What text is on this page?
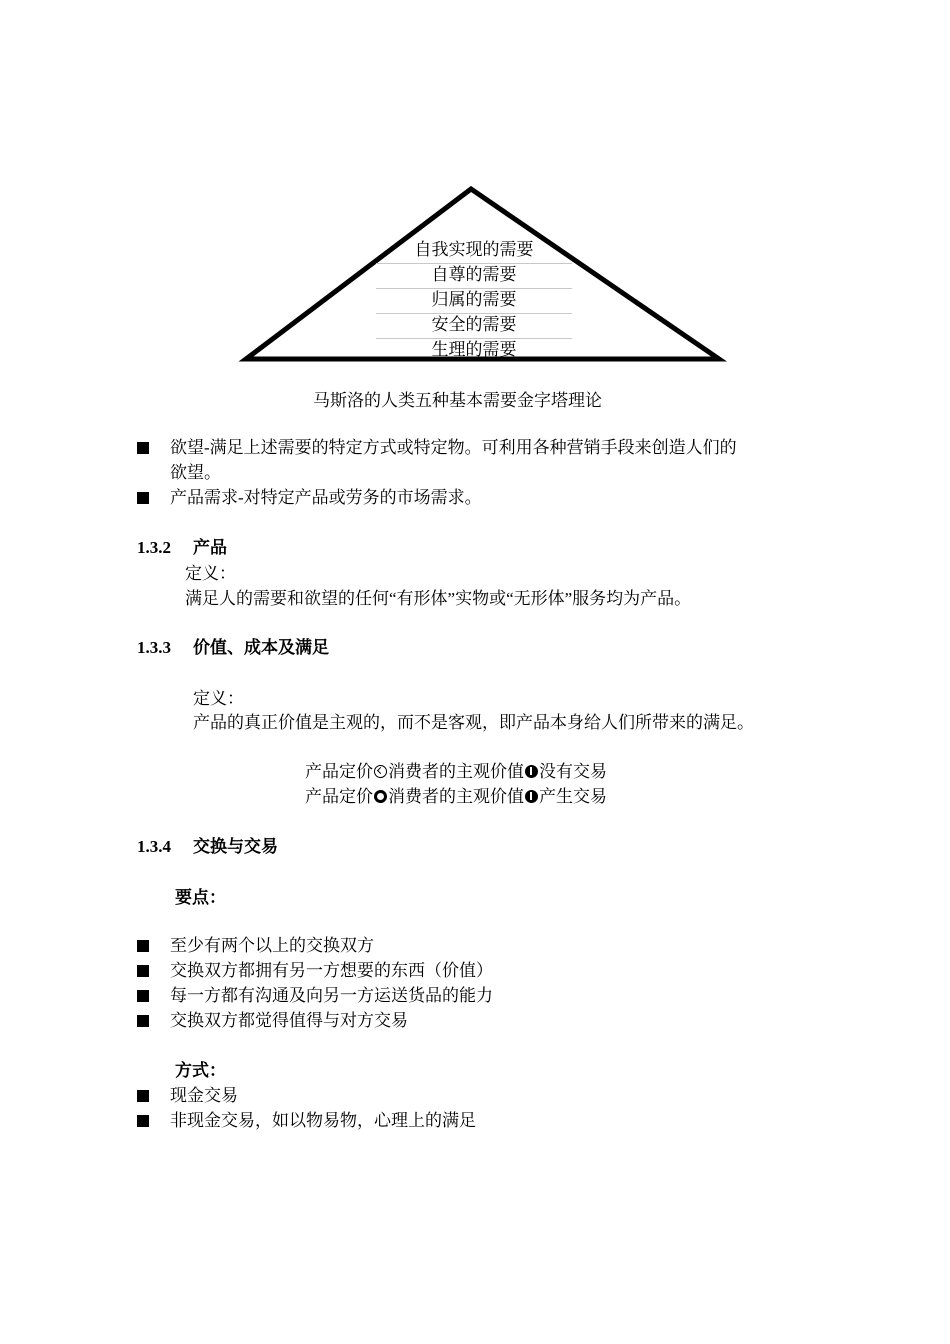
自我实现的需要
自尊的需要
归属的需要
安全的需要
生理的需要
马斯洛的人类五种基本需要金字塔理论
欲望-满足上述需要的特定方式或特定物。可利用各种营销手段来创造人们的
欲望。
产品需求-对特定产品或劳务的市场需求。
1.3.2 产品
定义：
满足人的需要和欲望的任何“有形体”实物或“无形体”服务均为产品。
1.3.3 价值、成本及满足
定义：
产品的真正价值是主观的，而不是客观，即产品本身给人们所带来的满足。
产品定价 消费者的主观价值 没有交易
产品定价 消费者的主观价值 产生交易
1.3.4 交换与交易
要点：
至少有两个以上的交换双方
交换双方都拥有另一方想要的东西（价值）
每一方都有沟通及向另一方运送货品的能力
交换双方都觉得值得与对方交易
方式：
现金交易
非现金交易，如以物易物，心理上的满足
